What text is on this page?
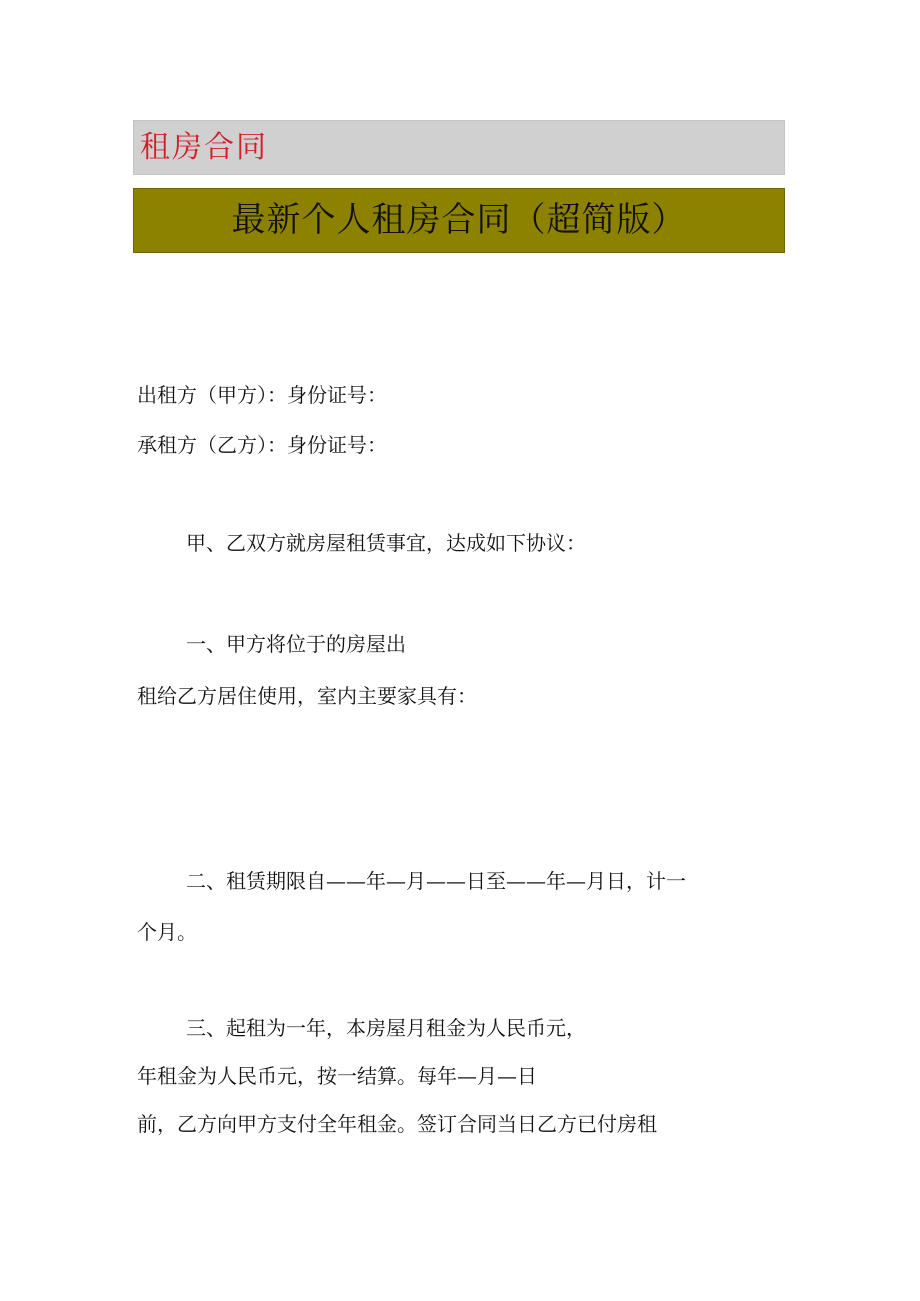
租房合同
最新个人租房合同（超简版）
出租方（甲方）：身份证号：
承租方（乙方）：身份证号：
甲、乙双方就房屋租赁事宜，达成如下协议：
一、甲方将位于的房屋出
租给乙方居住使用，室内主要家具有：
二、租赁期限自——年—月——日至——年—月日，计一
个月。
三、起租为一年，本房屋月租金为人民币元，
年租金为人民币元，按一结算。每年—月—日
前，乙方向甲方支付全年租金。签订合同当日乙方已付房租
